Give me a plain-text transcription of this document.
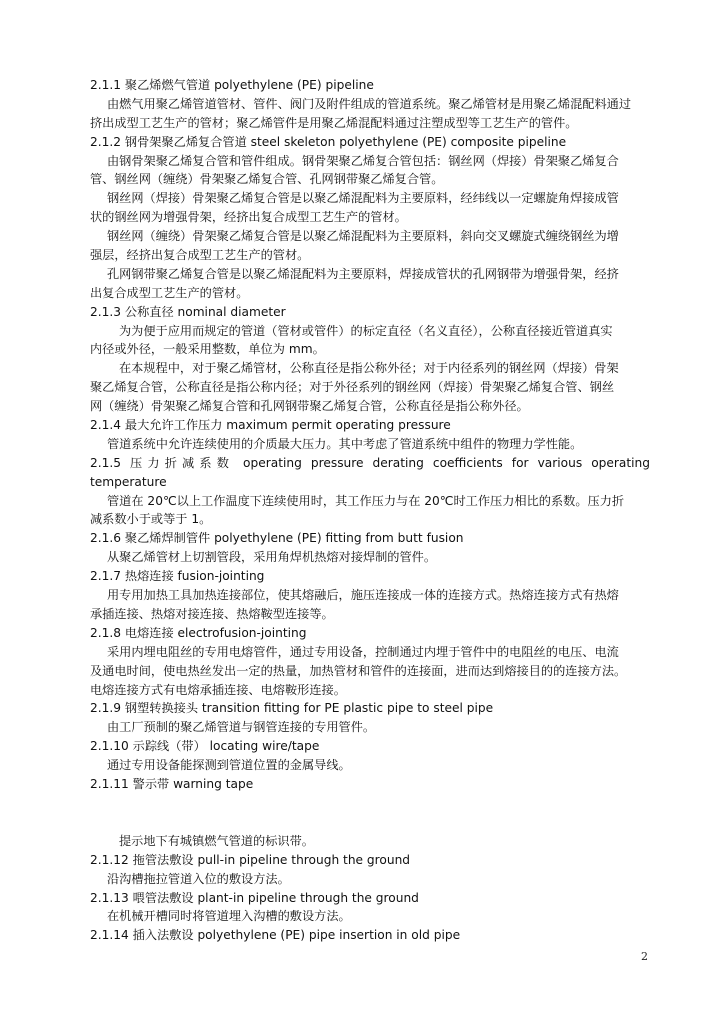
2.1.1 聚乙烯燃气管道 polyethylene (PE) pipeline
由燃气用聚乙烯管道管材、管件、阀门及附件组成的管道系统。聚乙烯管材是用聚乙烯混配料通过
挤出成型工艺生产的管材；聚乙烯管件是用聚乙烯混配料通过注塑成型等工艺生产的管件。
2.1.2 钢骨架聚乙烯复合管道 steel skeleton polyethylene (PE) composite pipeline
由钢骨架聚乙烯复合管和管件组成。钢骨架聚乙烯复合管包括：钢丝网（焊接）骨架聚乙烯复合
管、钢丝网（缠绕）骨架聚乙烯复合管、孔网钢带聚乙烯复合管。
钢丝网（焊接）骨架聚乙烯复合管是以聚乙烯混配料为主要原料，经纬线以一定螺旋角焊接成管
状的钢丝网为增强骨架，经挤出复合成型工艺生产的管材。
钢丝网（缠绕）骨架聚乙烯复合管是以聚乙烯混配料为主要原料，斜向交叉螺旋式缠绕钢丝为增
强层，经挤出复合成型工艺生产的管材。
孔网钢带聚乙烯复合管是以聚乙烯混配料为主要原料，焊接成管状的孔网钢带为增强骨架，经挤
出复合成型工艺生产的管材。
2.1.3 公称直径 nominal diameter
为为便于应用而规定的管道（管材或管件）的标定直径（名义直径），公称直径接近管道真实
内径或外径，一般采用整数，单位为 mm。
在本规程中，对于聚乙烯管材，公称直径是指公称外径；对于内径系列的钢丝网（焊接）骨架
聚乙烯复合管，公称直径是指公称内径；对于外径系列的钢丝网（焊接）骨架聚乙烯复合管、钢丝
网（缠绕）骨架聚乙烯复合管和孔网钢带聚乙烯复合管，公称直径是指公称外径。
2.1.4 最大允许工作压力 maximum permit operating pressure
管道系统中允许连续使用的介质最大压力。其中考虑了管道系统中组件的物理力学性能。
2.1.5 压力折减系数 operating pressure derating coefficients for various operating
temperature
管道在 20℃以上工作温度下连续使用时，其工作压力与在 20℃时工作压力相比的系数。压力折
减系数小于或等于 1。
2.1.6 聚乙烯焊制管件 polyethylene (PE) fitting from butt fusion
从聚乙烯管材上切割管段，采用角焊机热熔对接焊制的管件。
2.1.7 热熔连接 fusion-jointing
用专用加热工具加热连接部位，使其熔融后，施压连接成一体的连接方式。热熔连接方式有热熔
承插连接、热熔对接连接、热熔鞍型连接等。
2.1.8 电熔连接 electrofusion-jointing
采用内埋电阻丝的专用电熔管件，通过专用设备，控制通过内埋于管件中的电阻丝的电压、电流
及通电时间，使电热丝发出一定的热量，加热管材和管件的连接面，进而达到熔接目的的连接方法。
电熔连接方式有电熔承插连接、电熔鞍形连接。
2.1.9 钢塑转换接头 transition fitting for PE plastic pipe to steel pipe
由工厂预制的聚乙烯管道与钢管连接的专用管件。
2.1.10 示踪线（带） locating wire/tape
通过专用设备能探测到管道位置的金属导线。
2.1.11 警示带 warning tape
提示地下有城镇燃气管道的标识带。
2.1.12 拖管法敷设 pull-in pipeline through the ground
沿沟槽拖拉管道入位的敷设方法。
2.1.13 喂管法敷设 plant-in pipeline through the ground
在机械开槽同时将管道埋入沟槽的敷设方法。
2.1.14 插入法敷设 polyethylene (PE) pipe insertion in old pipe
2
